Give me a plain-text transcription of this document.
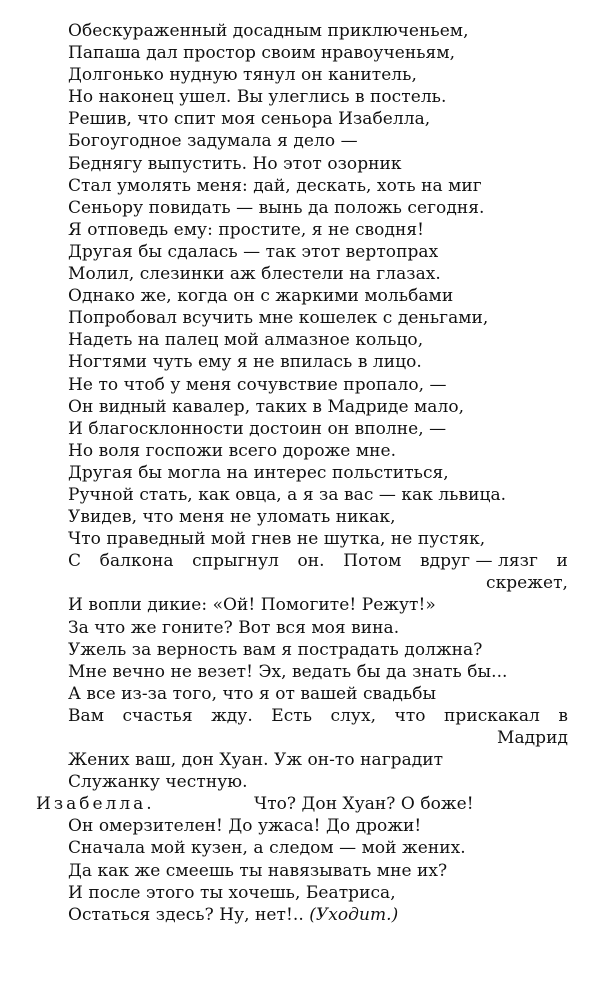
Обескураженный досадным приключеньем,
Папаша дал простор своим нравоученьям,
Долгонько нудную тянул он канитель,
Но наконец ушел. Вы улеглись в постель.
Решив, что спит моя сеньора Изабелла,
Богоугодное задумала я дело —
Беднягу выпустить. Но этот озорник
Стал умолять меня: дай, дескать, хоть на миг
Сеньору повидать — вынь да положь сегодня.
Я отповедь ему: простите, я не сводня!
Другая бы сдалась — так этот вертопрах
Молил, слезинки аж блестели на глазах.
Однако же, когда он с жаркими мольбами
Попробовал всучить мне кошелек с деньгами,
Надеть на палец мой алмазное кольцо,
Ногтями чуть ему я не впилась в лицо.
Не то чтоб у меня сочувствие пропало, —
Он видный кавалер, таких в Мадриде мало,
И благосклонности достоин он вполне, —
Но воля госпожи всего дороже мне.
Другая бы могла на интерес польститься,
Ручной стать, как овца, а я за вас — как львица.
Увидев, что меня не уломать никак,
Что праведный мой гнев не шутка, не пустяк,
С балкона спрыгнул он. Потом вдруг — лязг и
скрежет,
И вопли дикие: «Ой! Помогите! Режут!»
За что же гоните? Вот вся моя вина.
Ужель за верность вам я пострадать должна?
Мне вечно не везет! Эх, ведать бы да знать бы...
А все из-за того, что я от вашей свадьбы
Вам счастья жду. Есть слух, что прискакал в
Мадрид
Жених ваш, дон Хуан. Уж он-то наградит
Служанку честную.
Изабелла.	Что? Дон Хуан? О боже!
Он омерзителен! До ужаса! До дрожи!
Сначала мой кузен, а следом — мой жених.
Да как же смеешь ты навязывать мне их?
И после этого ты хочешь, Беатриса,
Остаться здесь? Ну, нет!.. (Уходит.)
